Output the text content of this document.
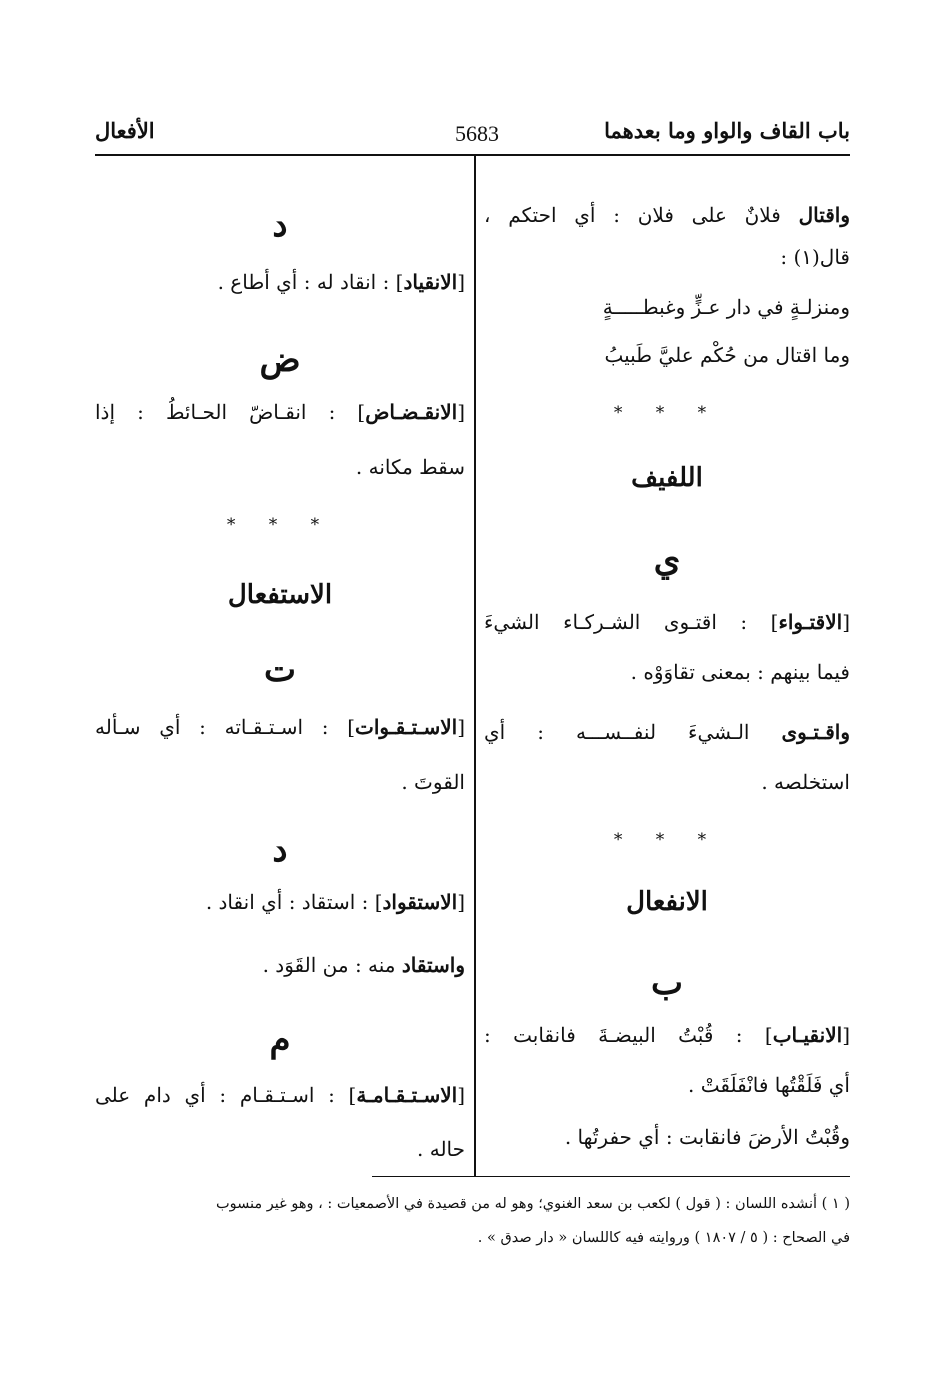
باب القاف والواو وما بعدهما
5683
الأفعال
واقتال فلانٌ على فلان : أي احتكم ،
قال(١) :
ومنزلـةٍ في دار عـزٍّ وغبطـــــةٍ
وما اقتال من حُكْم عليَّ طَبيبُ
* * *
اللفيف
ي
[الاقتـواء] : اقتـوى الشـركـاء الشيءَ
فيما بينهم : بمعنى تقاوَوْه .
واقـتـوى الـشيءَ لنفــســـه : أي
استخلصه .
* * *
الانفعال
ب
[الانقيـاب] : قُبْتُ البيضـةَ فانقابت :
أي فَلَقْتُها فانْفَلَقَتْ .
وقُبْتُ الأرضَ فانقابت : أي حفرتُها .
د
[الانقياد] : انقاد له : أي أطاع .
ض
[الانقـضـاض] : انقـاضّ الحـائطُ : إذا
سقط مكانه .
* * *
الاستفعال
ت
[الاسـتـقـوات] : اسـتـقـاته : أي سـأله
القوتَ .
د
[الاستقواد] : استقاد : أي انقاد .
واستقاد منه : من القَوَد .
م
[الاسـتـقـامـة] : اسـتـقـام : أي دام على
حاله .
( ١ ) أنشده اللسان : ( قول ) لكعب بن سعد الغنوي؛ وهو له من قصيدة في الأصمعيات : ، وهو غير منسوب
في الصحاح : ( ٥ / ١٨٠٧ ) وروايته فيه كاللسان « دار صدق » .
